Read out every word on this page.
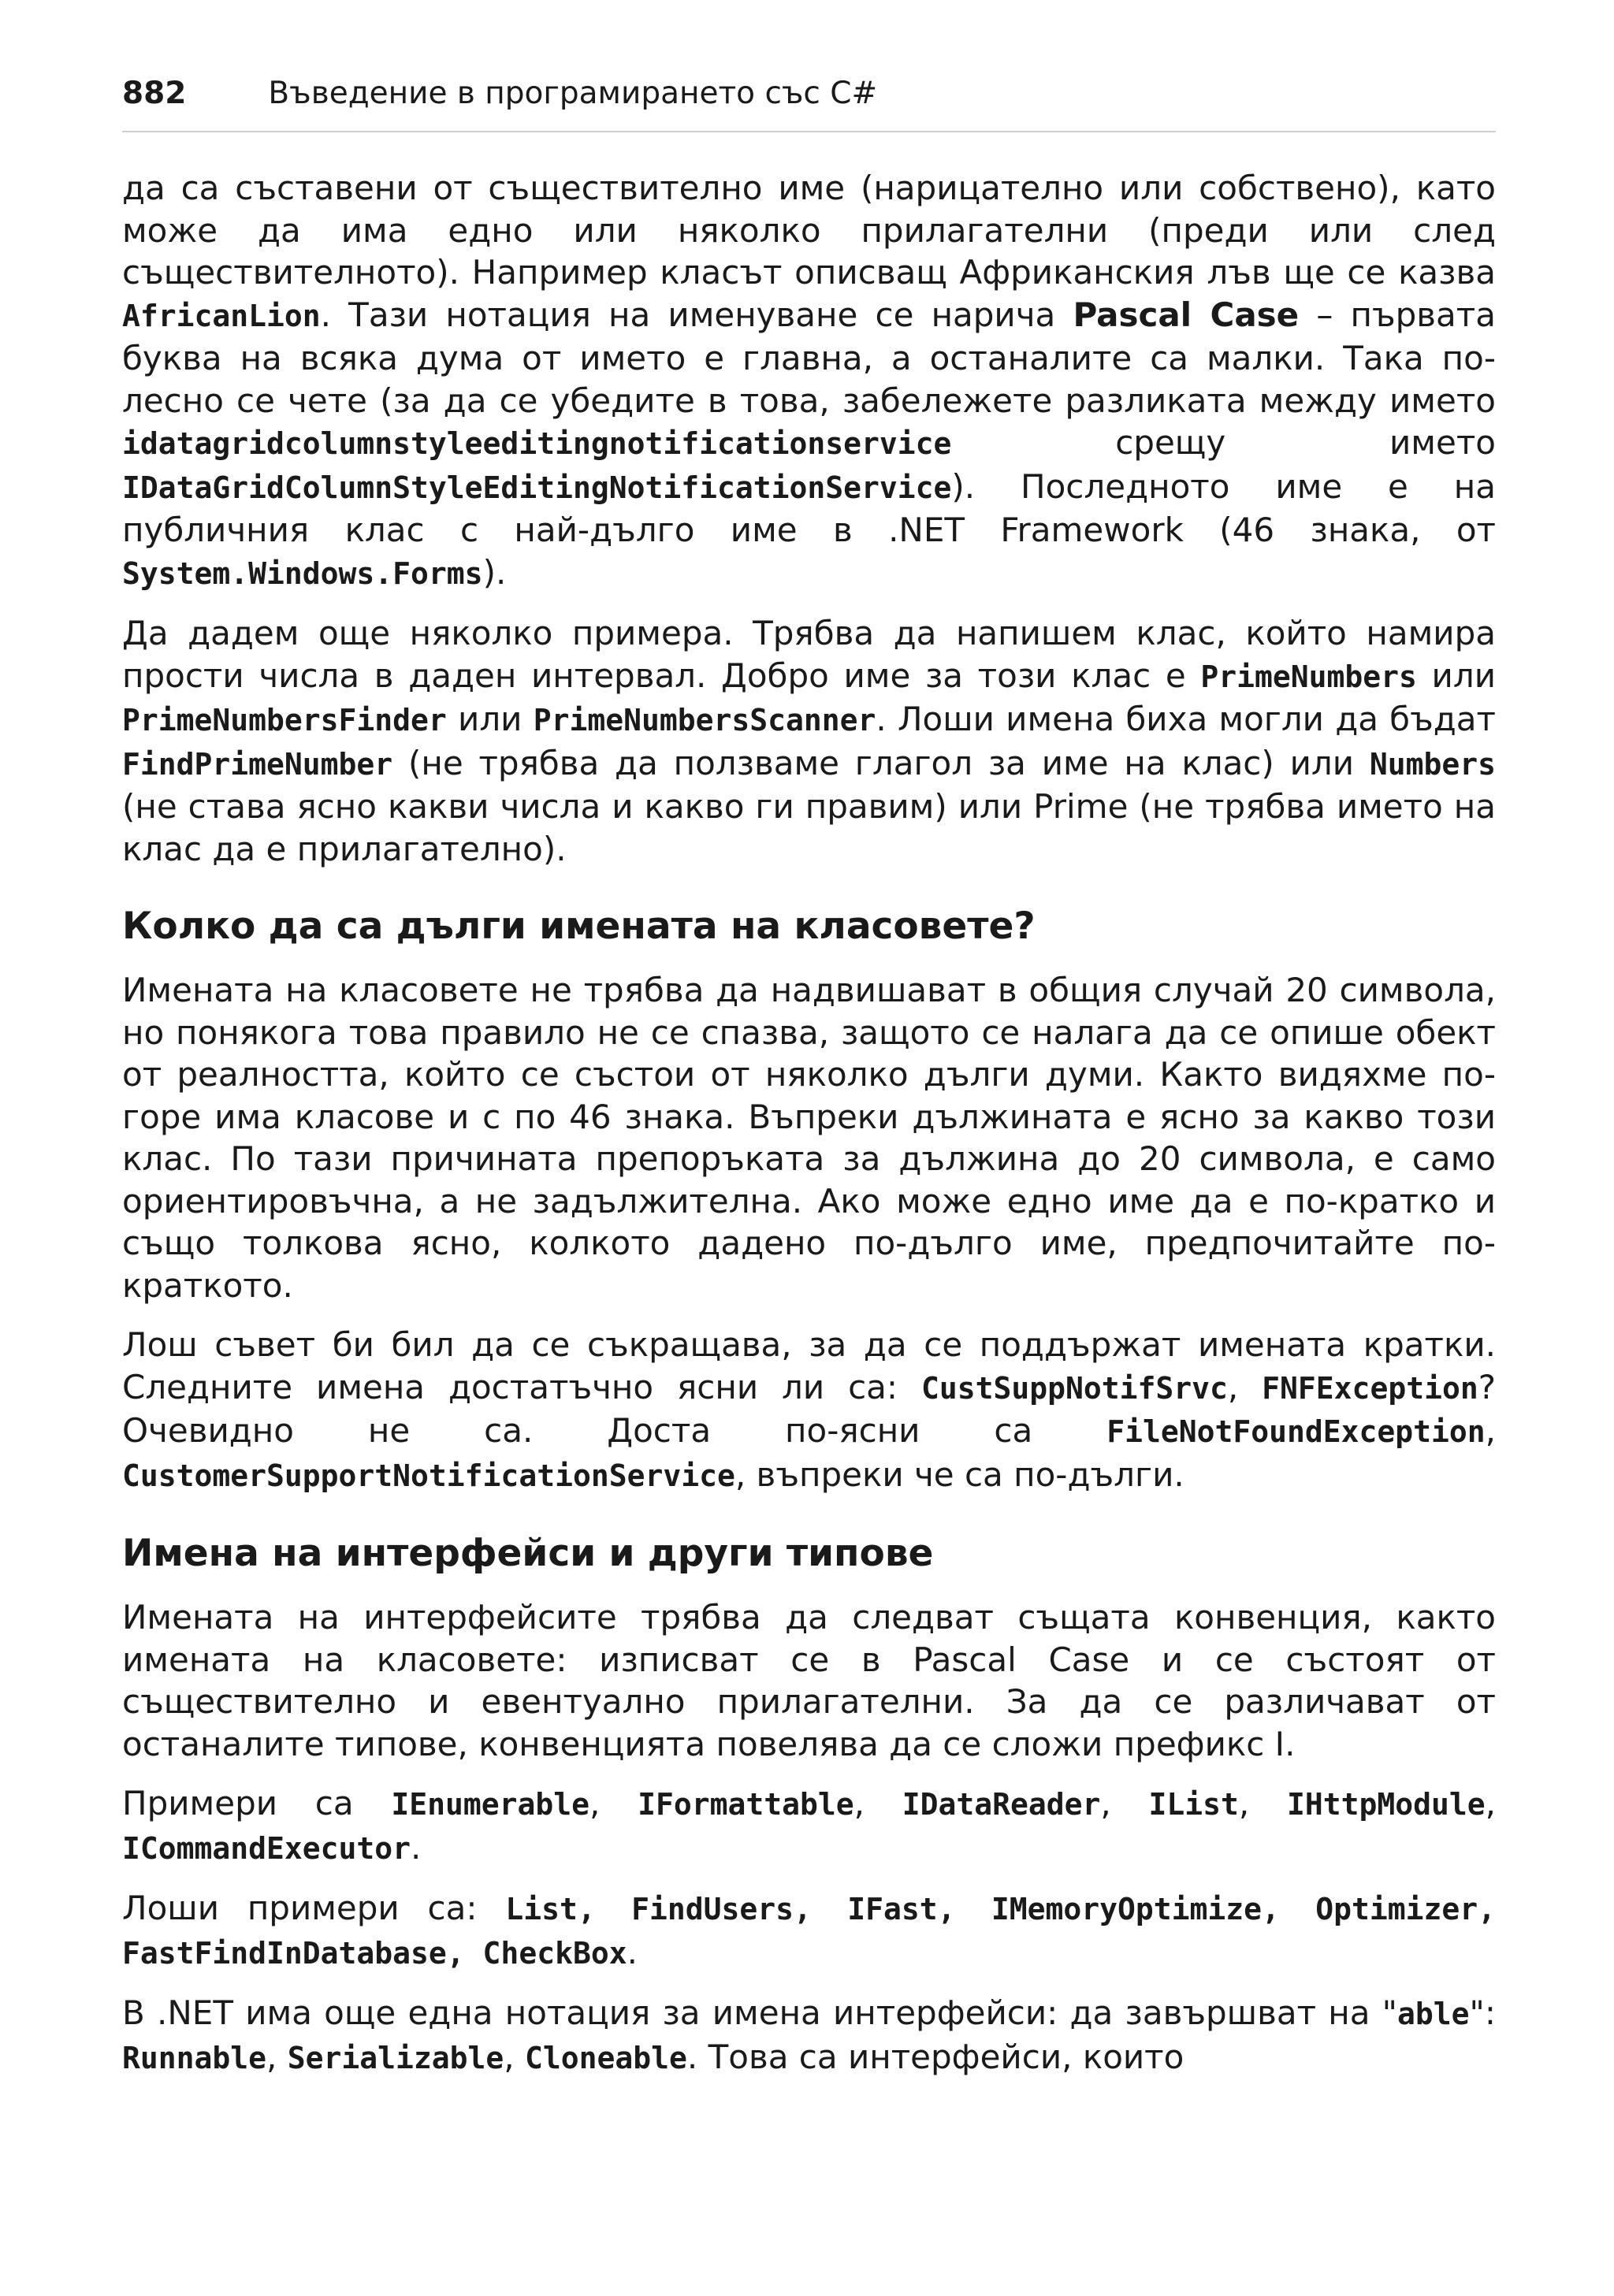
882	Въведение в програмирането със C#

да са съставени от съществително име (нарицателно или собствено), като може да има едно или няколко прилагателни (преди или след съществителното). Например класът описващ Африканския лъв ще се казва AfricanLion. Тази нотация на именуване се нарича Pascal Case – първата буква на всяка дума от името е главна, а останалите са малки. Така по-лесно се чете (за да се убедите в това, забележете разликата между името idatagridcolumnstyleeditingnotificationservice срещу името IDataGridColumnStyleEditingNotificationService). Последното име е на публичния клас с най-дълго име в .NET Framework (46 знака, от System.Windows.Forms).

Да дадем още няколко примера. Трябва да напишем клас, който намира прости числа в даден интервал. Добро име за този клас е PrimeNumbers или PrimeNumbersFinder или PrimeNumbersScanner. Лоши имена биха могли да бъдат FindPrimeNumber (не трябва да ползваме глагол за име на клас) или Numbers (не става ясно какви числа и какво ги правим) или Prime (не трябва името на клас да е прилагателно).

Колко да са дълги имената на класовете?

Имената на класовете не трябва да надвишават в общия случай 20 символа, но понякога това правило не се спазва, защото се налага да се опише обект от реалността, който се състои от няколко дълги думи. Както видяхме по-горе има класове и с по 46 знака. Въпреки дължината е ясно за какво този клас. По тази причината препоръката за дължина до 20 символа, е само ориентировъчна, а не задължителна. Ако може едно име да е по-кратко и също толкова ясно, колкото дадено по-дълго име, предпочитайте по-краткото.

Лош съвет би бил да се съкращава, за да се поддържат имената кратки. Следните имена достатъчно ясни ли са: CustSuppNotifSrvc, FNFException? Очевидно не са. Доста по-ясни са FileNotFoundException, CustomerSupportNotificationService, въпреки че са по-дълги.

Имена на интерфейси и други типове

Имената на интерфейсите трябва да следват същата конвенция, както имената на класовете: изписват се в Pascal Case и се състоят от съществително и евентуално прилагателни. За да се различават от останалите типове, конвенцията повелява да се сложи префикс I.

Примери са IEnumerable, IFormattable, IDataReader, IList, IHttpModule, ICommandExecutor.

Лоши примери са: List, FindUsers, IFast, IMemoryOptimize, Optimizer, FastFindInDatabase, CheckBox.

В .NET има още една нотация за имена интерфейси: да завършват на "able": Runnable, Serializable, Cloneable. Това са интерфейси, които
